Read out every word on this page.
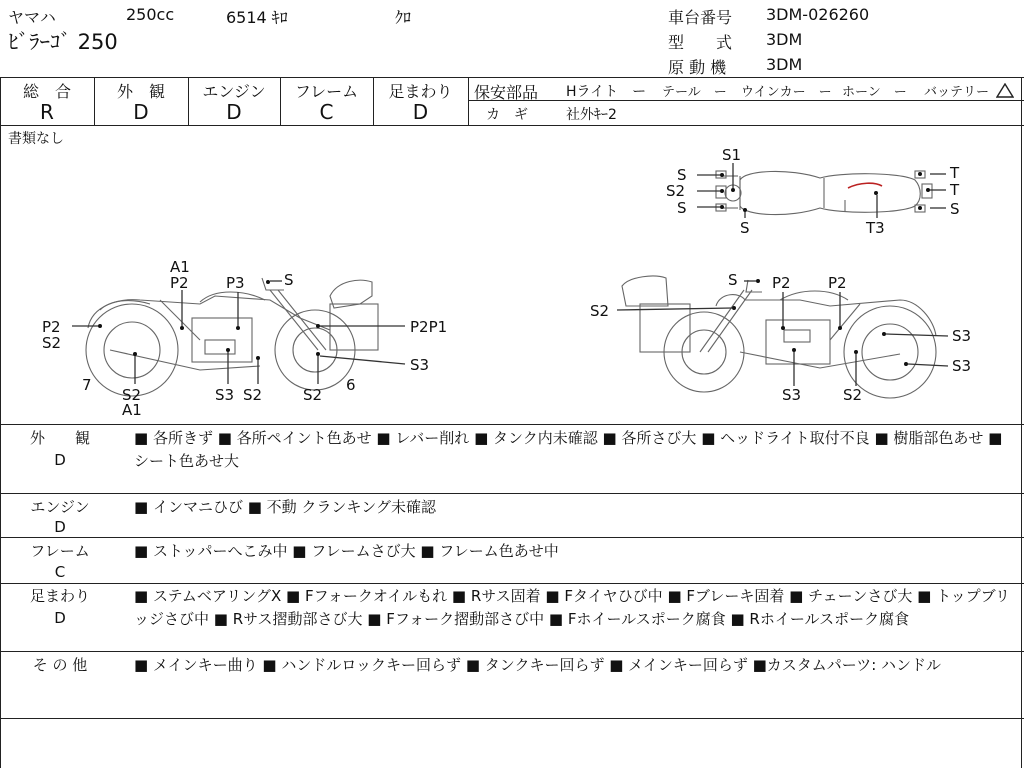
ヤマハ	250cc	6514 ｷﾛ	ｸﾛ
ﾋﾞﾗｰｺﾞ 250
車台番号 3DM-026260
型　　式 3DM
原 動 機 3DM
総　合	外　観	エンジン	フレーム	足まわり
R	D	D	C	D
保安部品 Hライト　ー テール　ー ウインカー　ー ホーン　ー バッテリー
カ　ギ	社外ｷｰ2
書類なし
S1
S
S2
S
S
T
T
S
T3
A1
P2 P3	S
P2
S2
P2P1
S3
7
S2
A1
S3 S2	S2
6
S P2 P2
S2
S3
S3
S3	S2
外　　観
D
■ 各所きず ■ 各所ペイント色あせ ■ レバー削れ ■ タンク内未確認 ■ 各所さび大 ■ ヘッドライト取付不良 ■ 樹脂部色あせ ■ シート色あせ大
エンジン
D
■ インマニひび ■ 不動 クランキング未確認
フレーム
C
■ ストッパーへこみ中 ■ フレームさび大 ■ フレーム色あせ中
足まわり
D
■ ステムベアリングX ■ Fフォークオイルもれ ■ Rサス固着 ■ Fタイヤひび中 ■ Fブレーキ固着 ■ チェーンさび大 ■ トップブリッジさび中 ■ Rサス摺動部さび大 ■ Fフォーク摺動部さび中 ■ Fホイールスポーク腐食 ■ Rホイールスポーク腐食
そ の 他	■ メインキー曲り ■ ハンドルロックキー回らず ■ タンクキー回らず ■ メインキー回らず ■カスタムパーツ: ハンドル
